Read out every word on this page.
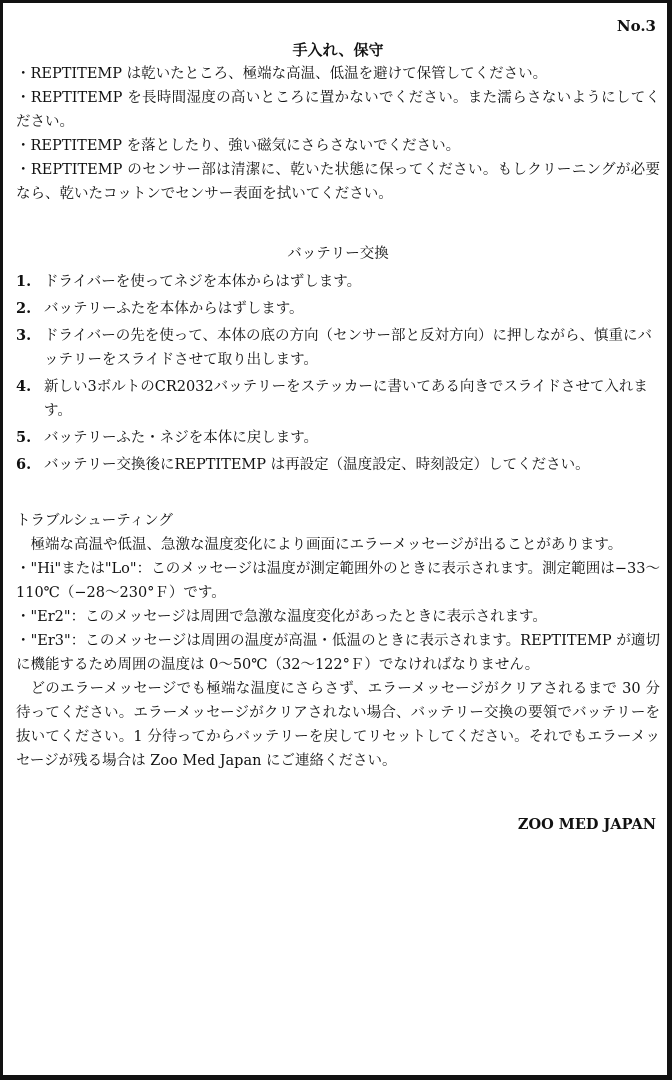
No.3
手入れ、保守

・REPTITEMP は乾いたところ、極端な高温、低温を避けて保管してください。

・REPTITEMP を長時間湿度の高いところに置かないでください。また濡らさないようにしてください。

・REPTITEMP を落としたり、強い磁気にさらさないでください。

・REPTITEMP のセンサー部は清潔に、乾いた状態に保ってください。もしクリーニングが必要なら、乾いたコットンでセンサー表面を拭いてください。

バッテリー交換
1. ドライバーを使ってネジを本体からはずします。
2. バッテリーふたを本体からはずします。
3. ドライバーの先を使って、本体の底の方向（センサー部と反対方向）に押しながら、慎重にバッテリーをスライドさせて取り出します。
4. 新しい3ボルトのCR2032バッテリーをステッカーに書いてある向きでスライドさせて入れます。
5. バッテリーふた・ネジを本体に戻します。
6. バッテリー交換後にREPTITEMP は再設定（温度設定、時刻設定）してください。
トラブルシューティング

極端な高温や低温、急激な温度変化により画面にエラーメッセージが出ることがあります。

・"Hi"または"Lo"：このメッセージは温度が測定範囲外のときに表示されます。測定範囲は−33～110℃（−28～230°Ｆ）です。

・"Er2"：このメッセージは周囲で急激な温度変化があったときに表示されます。

・"Er3"：このメッセージは周囲の温度が高温・低温のときに表示されます。REPTITEMP が適切に機能するため周囲の温度は 0～50℃（32～122°Ｆ）でなければなりません。

どのエラーメッセージでも極端な温度にさらさず、エラーメッセージがクリアされるまで 30 分待ってください。エラーメッセージがクリアされない場合、バッテリー交換の要領でバッテリーを抜いてください。1 分待ってからバッテリーを戻してリセットしてください。それでもエラーメッセージが残る場合は Zoo Med Japan にご連絡ください。

ZOO MED JAPAN
